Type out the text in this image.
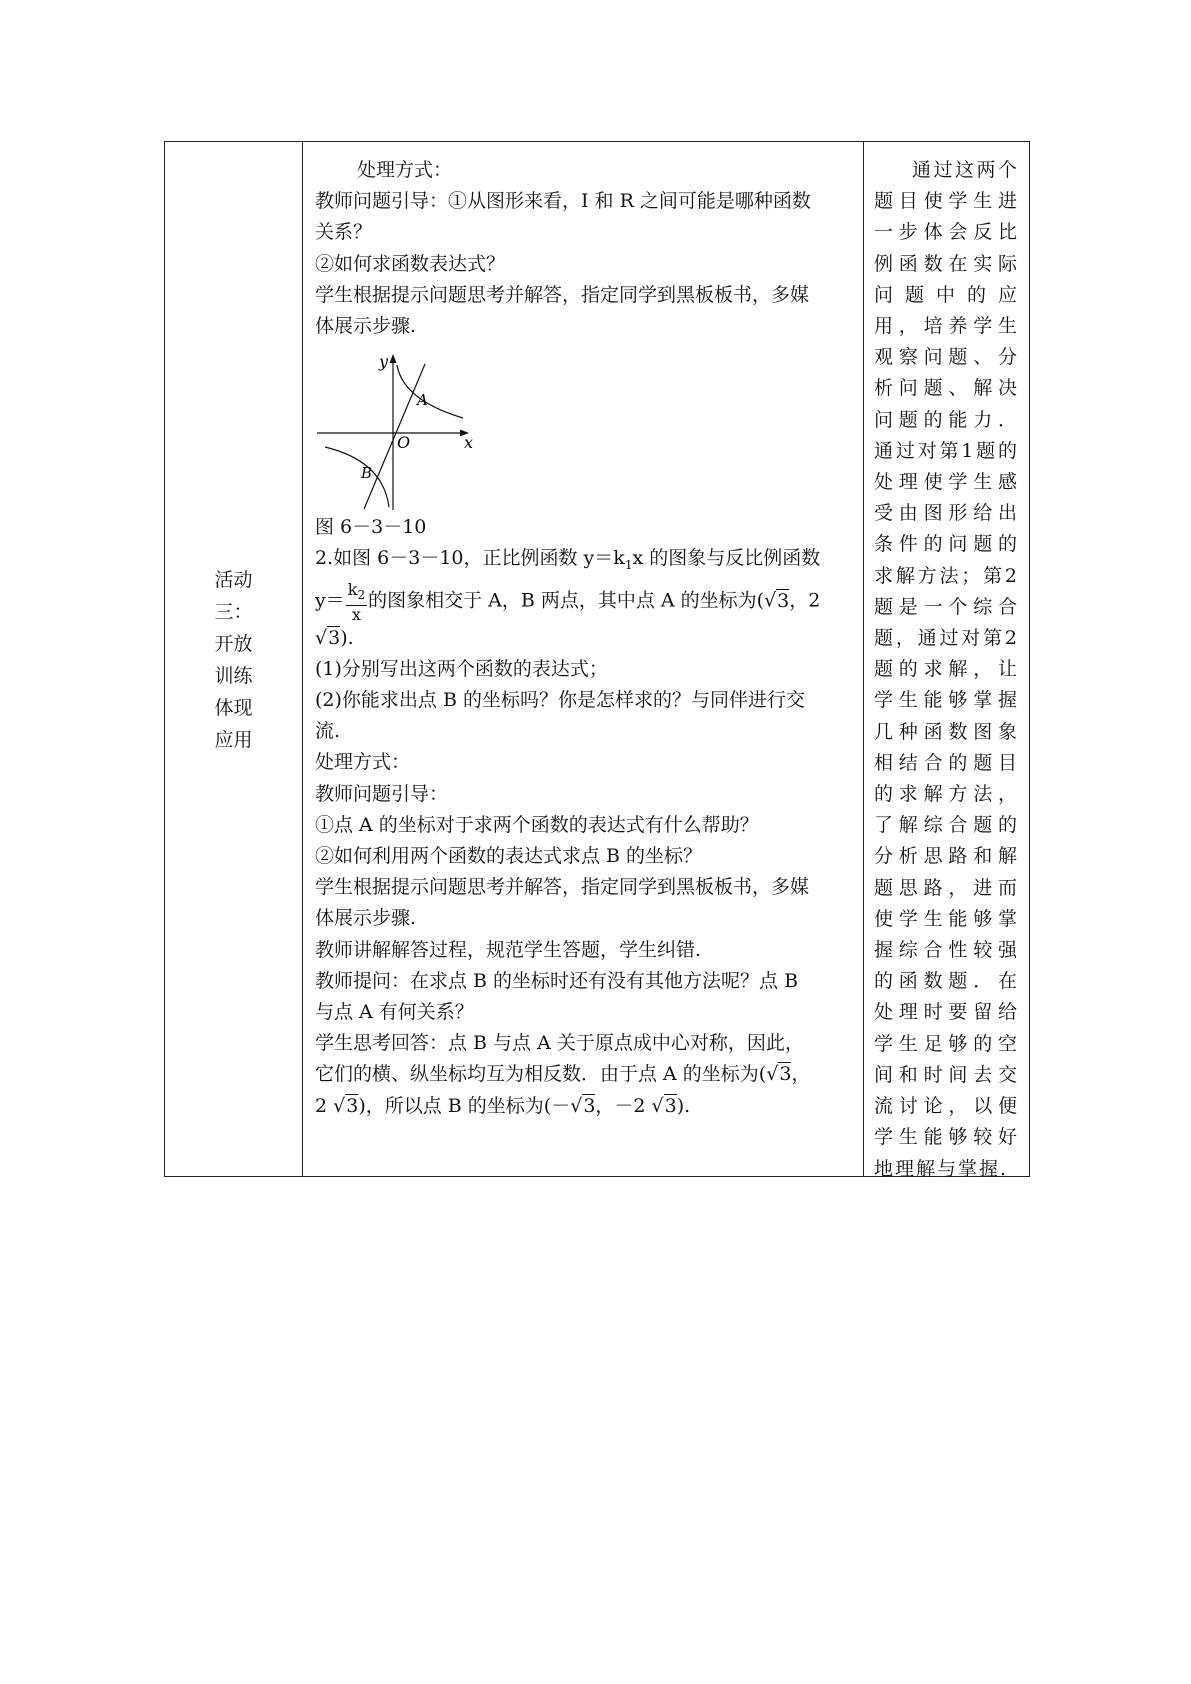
活动
三：
开放
训练
体现
应用

处理方式：

教师问题引导：①从图形来看，I 和 R 之间可能是哪种函数

关系？

②如何求函数表达式？

学生根据提示问题思考并解答，指定同学到黑板板书，多媒

体展示步骤.

y
x
O
A
B

图 6－3－10

2.如图 6－3－10，正比例函数 $y=k_1x$ 的图象与反比例函数

$y= \frac{k_2}{x}$ 的图象相交于 A，B 两点，其中点 A 的坐标为(√3，2

√3).

(1)分别写出这两个函数的表达式；

(2)你能求出点 B 的坐标吗？你是怎样求的？与同伴进行交

流.

处理方式：

教师问题引导：

①点 A 的坐标对于求两个函数的表达式有什么帮助？

②如何利用两个函数的表达式求点 B 的坐标？

学生根据提示问题思考并解答，指定同学到黑板板书，多媒

体展示步骤.

教师讲解解答过程，规范学生答题，学生纠错.

教师提问：在求点 B 的坐标时还有没有其他方法呢？点 B

与点 A 有何关系？

学生思考回答：点 B 与点 A 关于原点成中心对称，因此，

它们的横、纵坐标均互为相反数．由于点 A 的坐标为(√3，

2 √3)，所以点 B 的坐标为(－√3，－2 √3).

通过这两个题目使学生进一步体会反比例函数在实际问题中的应用，培养学生观察问题、分析问题、解决问题的能力．通过对第1题的处理使学生感受由图形给出条件的问题的求解方法；第2题是一个综合题，通过对第2题的求解，让学生能够掌握几种函数图象相结合的题目的求解方法，了解综合题的分析思路和解题思路，进而使学生能够掌握综合性较强的函数题．在处理时要留给学生足够的空间和时间去交流讨论，以便学生能够较好地理解与掌握.
